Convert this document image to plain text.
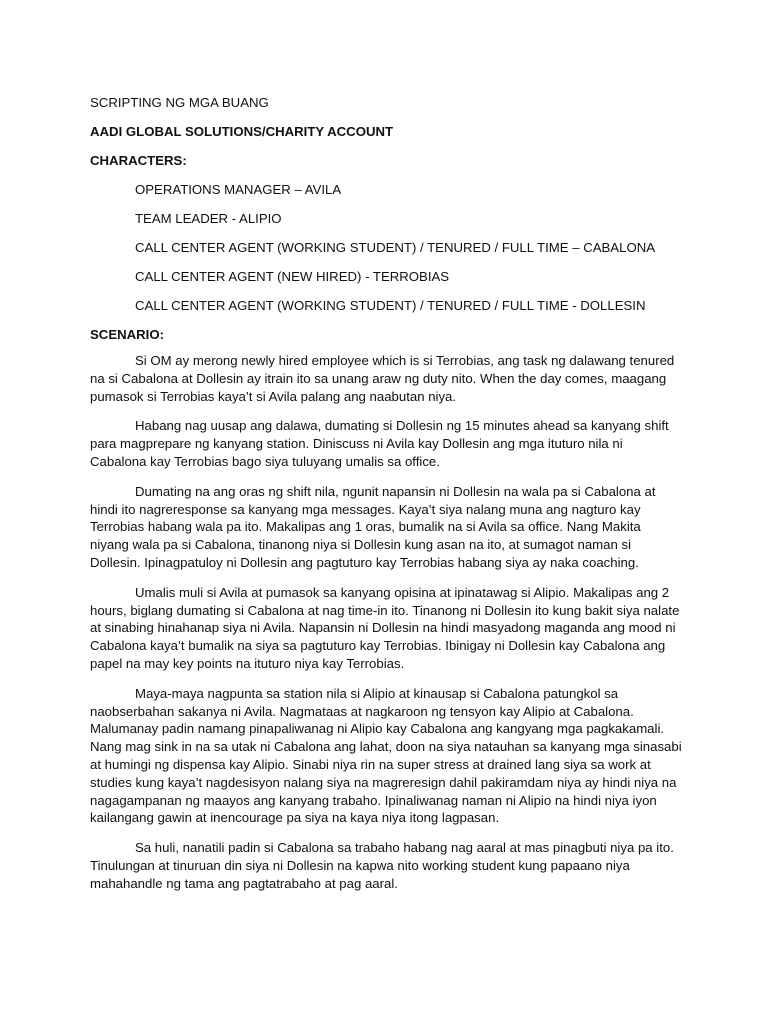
SCRIPTING NG MGA BUANG

AADI GLOBAL SOLUTIONS/CHARITY ACCOUNT

CHARACTERS:

OPERATIONS MANAGER – AVILA

TEAM LEADER - ALIPIO

CALL CENTER AGENT (WORKING STUDENT) / TENURED / FULL TIME – CABALONA

CALL CENTER AGENT (NEW HIRED) - TERROBIAS

CALL CENTER AGENT (WORKING STUDENT) / TENURED / FULL TIME - DOLLESIN

SCENARIO:

Si OM ay merong newly hired employee which is si Terrobias, ang task ng dalawang tenured na si Cabalona at Dollesin ay itrain ito sa unang araw ng duty nito. When the day comes, maagang pumasok si Terrobias kaya’t si Avila palang ang naabutan niya.

Habang nag uusap ang dalawa, dumating si Dollesin ng 15 minutes ahead sa kanyang shift para magprepare ng kanyang station. Diniscuss ni Avila kay Dollesin ang mga ituturo nila ni Cabalona kay Terrobias bago siya tuluyang umalis sa office.

Dumating na ang oras ng shift nila, ngunit napansin ni Dollesin na wala pa si Cabalona at hindi ito nagreresponse sa kanyang mga messages. Kaya’t siya nalang muna ang nagturo kay Terrobias habang wala pa ito. Makalipas ang 1 oras, bumalik na si Avila sa office. Nang Makita niyang wala pa si Cabalona, tinanong niya si Dollesin kung asan na ito, at sumagot naman si Dollesin. Ipinagpatuloy ni Dollesin ang pagtuturo kay Terrobias habang siya ay naka coaching.

Umalis muli si Avila at pumasok sa kanyang opisina at ipinatawag si Alipio. Makalipas ang 2 hours, biglang dumating si Cabalona at nag time-in ito. Tinanong ni Dollesin ito kung bakit siya nalate at sinabing hinahanap siya ni Avila. Napansin ni Dollesin na hindi masyadong maganda ang mood ni Cabalona kaya’t bumalik na siya sa pagtuturo kay Terrobias. Ibinigay ni Dollesin kay Cabalona ang papel na may key points na ituturo niya kay Terrobias.

Maya-maya nagpunta sa station nila si Alipio at kinausap si Cabalona patungkol sa naobserbahan sakanya ni Avila. Nagmataas at nagkaroon ng tensyon kay Alipio at Cabalona. Malumanay padin namang pinapaliwanag ni Alipio kay Cabalona ang kangyang mga pagkakamali. Nang mag sink in na sa utak ni Cabalona ang lahat, doon na siya natauhan sa kanyang mga sinasabi at humingi ng dispensa kay Alipio. Sinabi niya rin na super stress at drained lang siya sa work at studies kung kaya’t nagdesisyon nalang siya na magreresign dahil pakiramdam niya ay hindi niya na nagagampanan ng maayos ang kanyang trabaho. Ipinaliwanag naman ni Alipio na hindi niya iyon kailangang gawin at inencourage pa siya na kaya niya itong lagpasan.

Sa huli, nanatili padin si Cabalona sa trabaho habang nag aaral at mas pinagbuti niya pa ito. Tinulungan at tinuruan din siya ni Dollesin na kapwa nito working student kung papaano niya mahahandle ng tama ang pagtatrabaho at pag aaral.
